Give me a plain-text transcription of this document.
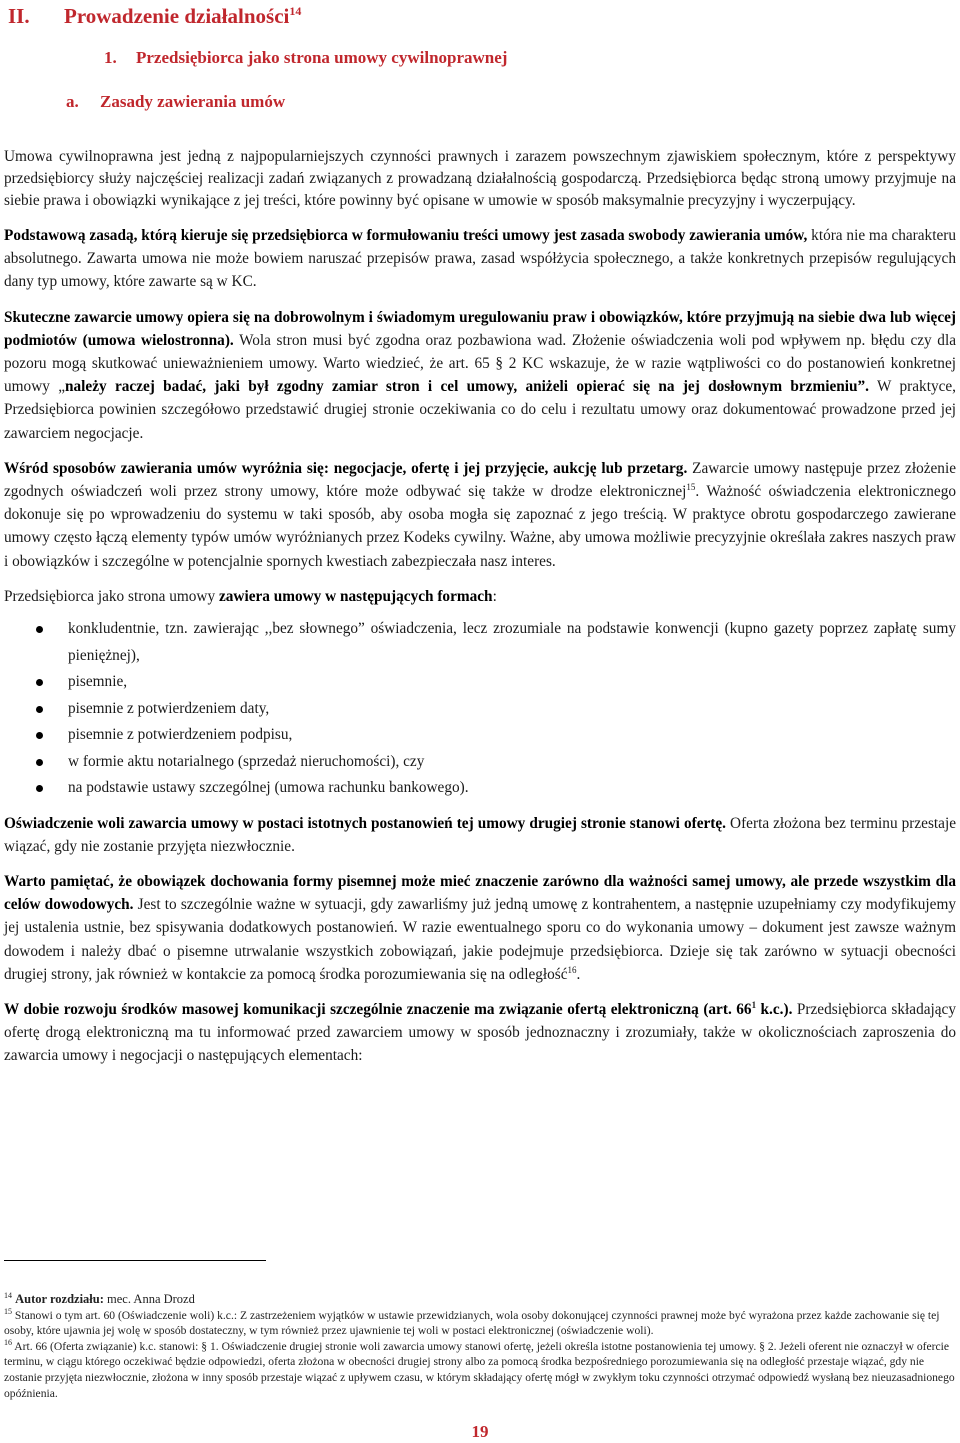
II. Prowadzenie działalności$^{14}$
1. Przedsiębiorca jako strona umowy cywilnoprawnej
a. Zasady zawierania umów

Umowa cywilnoprawna jest jedną z najpopularniejszych czynności prawnych i zarazem powszechnym zjawiskiem społecznym, które z perspektywy przedsiębiorcy służy najczęściej realizacji zadań związanych z prowadzaną działalnością gospodarczą. Przedsiębiorca będąc stroną umowy przyjmuje na siebie prawa i obowiązki wynikające z jej treści, które powinny być opisane w umowie w sposób maksymalnie precyzyjny i wyczerpujący.

Podstawową zasadą, którą kieruje się przedsiębiorca w formułowaniu treści umowy jest zasada swobody zawierania umów, która nie ma charakteru absolutnego. Zawarta umowa nie może bowiem naruszać przepisów prawa, zasad współżycia społecznego, a także konkretnych przepisów regulujących dany typ umowy, które zawarte są w KC.

Skuteczne zawarcie umowy opiera się na dobrowolnym i świadomym uregulowaniu praw i obowiązków, które przyjmują na siebie dwa lub więcej podmiotów (umowa wielostronna). Wola stron musi być zgodna oraz pozbawiona wad. Złożenie oświadczenia woli pod wpływem np. błędu czy dla pozoru mogą skutkować unieważnieniem umowy. Warto wiedzieć, że art. 65 § 2 KC wskazuje, że w razie wątpliwości co do postanowień konkretnej umowy „należy raczej badać, jaki był zgodny zamiar stron i cel umowy, aniżeli opierać się na jej dosłownym brzmieniu”. W praktyce, Przedsiębiorca powinien szczegółowo przedstawić drugiej stronie oczekiwania co do celu i rezultatu umowy oraz dokumentować prowadzone przed jej zawarciem negocjacje.

Wśród sposobów zawierania umów wyróżnia się: negocjacje, ofertę i jej przyjęcie, aukcję lub przetarg. Zawarcie umowy następuje przez złożenie zgodnych oświadczeń woli przez strony umowy, które może odbywać się także w drodze elektronicznej$^{15}$. Ważność oświadczenia elektronicznego dokonuje się po wprowadzeniu do systemu w taki sposób, aby osoba mogła się zapoznać z jego treścią. W praktyce obrotu gospodarczego zawierane umowy często łączą elementy typów umów wyróżnianych przez Kodeks cywilny. Ważne, aby umowa możliwie precyzyjnie określała zakres naszych praw i obowiązków i szczególne w potencjalnie spornych kwestiach zabezpieczała nasz interes.

Przedsiębiorca jako strona umowy zawiera umowy w następujących formach:

konkludentnie, tzn. zawierając ,,bez słownego” oświadczenia, lecz zrozumiale na podstawie konwencji (kupno gazety poprzez zapłatę sumy pieniężnej),
pisemnie,
pisemnie z potwierdzeniem daty,
pisemnie z potwierdzeniem podpisu,
w formie aktu notarialnego (sprzedaż nieruchomości), czy
na podstawie ustawy szczególnej (umowa rachunku bankowego).

Oświadczenie woli zawarcia umowy w postaci istotnych postanowień tej umowy drugiej stronie stanowi ofertę. Oferta złożona bez terminu przestaje wiązać, gdy nie zostanie przyjęta niezwłocznie.

Warto pamiętać, że obowiązek dochowania formy pisemnej może mieć znaczenie zarówno dla ważności samej umowy, ale przede wszystkim dla celów dowodowych. Jest to szczególnie ważne w sytuacji, gdy zawarliśmy już jedną umowę z kontrahentem, a następnie uzupełniamy czy modyfikujemy jej ustalenia ustnie, bez spisywania dodatkowych postanowień. W razie ewentualnego sporu co do wykonania umowy – dokument jest zawsze ważnym dowodem i należy dbać o pisemne utrwalanie wszystkich zobowiązań, jakie podejmuje przedsiębiorca. Dzieje się tak zarówno w sytuacji obecności drugiej strony, jak również w kontakcie za pomocą środka porozumiewania się na odległość$^{16}$.

W dobie rozwoju środków masowej komunikacji szczególnie znaczenie ma związanie ofertą elektroniczną (art. $66^1$ k.c.). Przedsiębiorca składający ofertę drogą elektroniczną ma tu informować przed zawarciem umowy w sposób jednoznaczny i zrozumiały, także w okolicznościach zaproszenia do zawarcia umowy i negocjacji o następujących elementach:

$^{14}$ Autor rozdziału: mec. Anna Drozd

$^{15}$ Stanowi o tym art. 60 (Oświadczenie woli) k.c.: Z zastrzeżeniem wyjątków w ustawie przewidzianych, wola osoby dokonującej czynności prawnej może być wyrażona przez każde zachowanie się tej osoby, które ujawnia jej wolę w sposób dostateczny, w tym również przez ujawnienie tej woli w postaci elektronicznej (oświadczenie woli).

$^{16}$ Art. 66 (Oferta związanie) k.c. stanowi: § 1. Oświadczenie drugiej stronie woli zawarcia umowy stanowi ofertę, jeżeli określa istotne postanowienia tej umowy. § 2. Jeżeli oferent nie oznaczył w ofercie terminu, w ciągu którego oczekiwać będzie odpowiedzi, oferta złożona w obecności drugiej strony albo za pomocą środka bezpośredniego porozumiewania się na odległość przestaje wiązać, gdy nie zostanie przyjęta niezwłocznie, złożona w inny sposób przestaje wiązać z upływem czasu, w którym składający ofertę mógł w zwykłym toku czynności otrzymać odpowiedź wysłaną bez nieuzasadnionego opóźnienia.

19
